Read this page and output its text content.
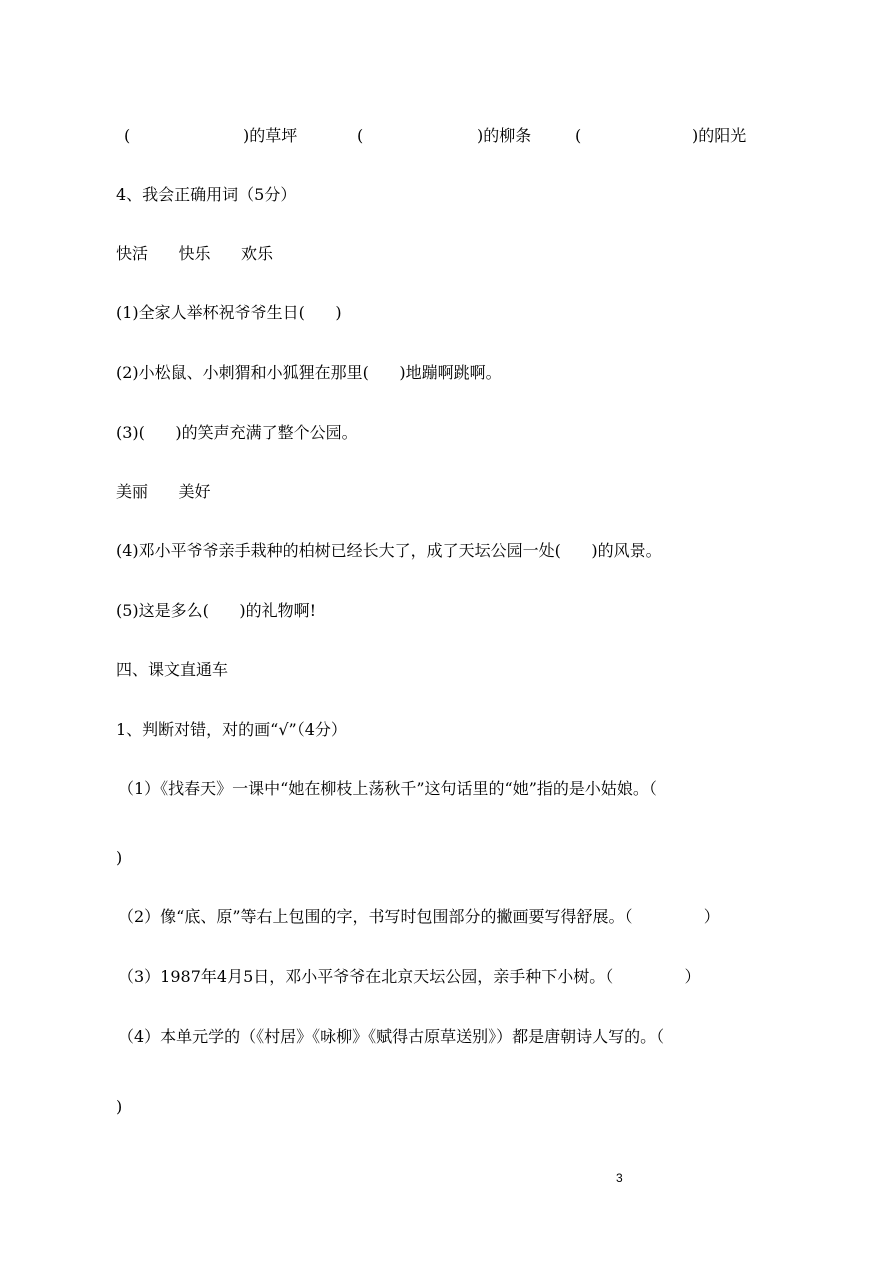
(	)的草坪	(	)的柳条	(	)的阳光

4、我会正确用词（5分）

快活      快乐      欢乐

(1)全家人举杯祝爷爷生日(      )

(2)小松鼠、小刺猬和小狐狸在那里(      )地蹦啊跳啊。

(3)(      )的笑声充满了整个公园。

美丽      美好

(4)邓小平爷爷亲手栽种的柏树已经长大了，成了天坛公园一处(      )的风景。

(5)这是多么(      )的礼物啊!

四、课文直通车

1、判断对错，对的画“√”（4分）

（1）《找春天》一课中“她在柳枝上荡秋千”这句话里的“她”指的是小姑娘。（

)

（2）像“底、原”等右上包围的字，书写时包围部分的撇画要写得舒展。（              ）

（3）1987年4月5日，邓小平爷爷在北京天坛公园，亲手种下小树。（              ）

（4）本单元学的（《村居》《咏柳》《赋得古原草送别》）都是唐朝诗人写的。（

)

3
